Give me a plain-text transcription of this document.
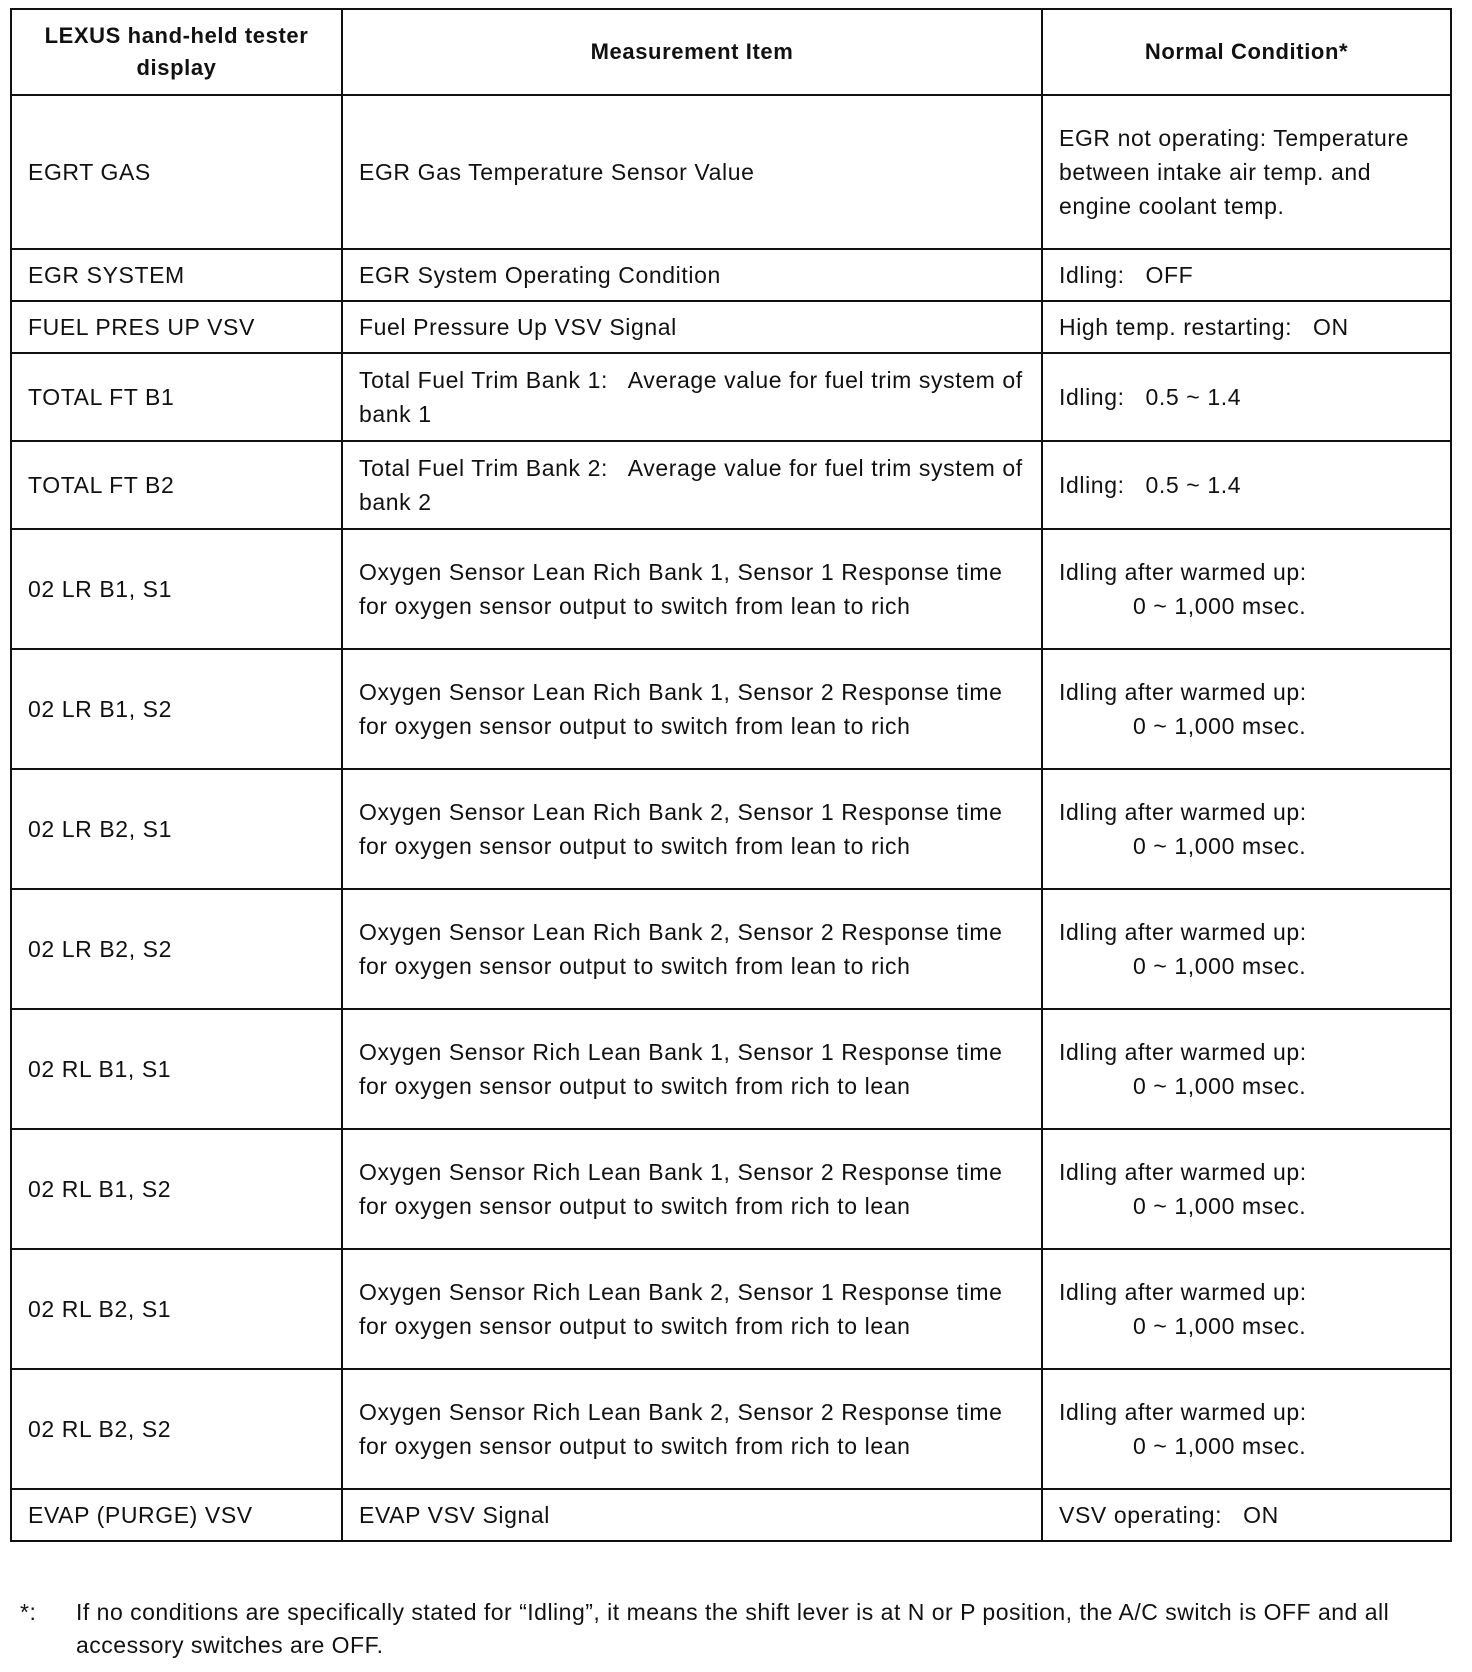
LEXUS hand-held tester display	Measurement Item	Normal Condition*
EGRT GAS	EGR Gas Temperature Sensor Value	EGR not operating: Temperature between intake air temp. and engine coolant temp.
EGR SYSTEM	EGR System Operating Condition	Idling:   OFF
FUEL PRES UP VSV	Fuel Pressure Up VSV Signal	High temp. restarting:   ON
TOTAL FT B1	Total Fuel Trim Bank 1:   Average value for fuel trim system of bank 1	Idling:   0.5 ~ 1.4
TOTAL FT B2	Total Fuel Trim Bank 2:   Average value for fuel trim system of bank 2	Idling:   0.5 ~ 1.4
02 LR B1, S1	Oxygen Sensor Lean Rich Bank 1, Sensor 1 Response time for oxygen sensor output to switch from lean to rich	Idling after warmed up:
0 ~ 1,000 msec.

02 LR B1, S2	Oxygen Sensor Lean Rich Bank 1, Sensor 2 Response time for oxygen sensor output to switch from lean to rich	Idling after warmed up:
0 ~ 1,000 msec.

02 LR B2, S1	Oxygen Sensor Lean Rich Bank 2, Sensor 1 Response time for oxygen sensor output to switch from lean to rich	Idling after warmed up:
0 ~ 1,000 msec.

02 LR B2, S2	Oxygen Sensor Lean Rich Bank 2, Sensor 2 Response time for oxygen sensor output to switch from lean to rich	Idling after warmed up:
0 ~ 1,000 msec.

02 RL B1, S1	Oxygen Sensor Rich Lean Bank 1, Sensor 1 Response time for oxygen sensor output to switch from rich to lean	Idling after warmed up:
0 ~ 1,000 msec.

02 RL B1, S2	Oxygen Sensor Rich Lean Bank 1, Sensor 2 Response time for oxygen sensor output to switch from rich to lean	Idling after warmed up:
0 ~ 1,000 msec.

02 RL B2, S1	Oxygen Sensor Rich Lean Bank 2, Sensor 1 Response time for oxygen sensor output to switch from rich to lean	Idling after warmed up:
0 ~ 1,000 msec.

02 RL B2, S2	Oxygen Sensor Rich Lean Bank 2, Sensor 2 Response time for oxygen sensor output to switch from rich to lean	Idling after warmed up:
0 ~ 1,000 msec.

EVAP (PURGE) VSV	EVAP VSV Signal	VSV operating:   ON
*:	If no conditions are specifically stated for “Idling”, it means the shift lever is at N or P position, the A/C switch is OFF and all accessory switches are OFF.
